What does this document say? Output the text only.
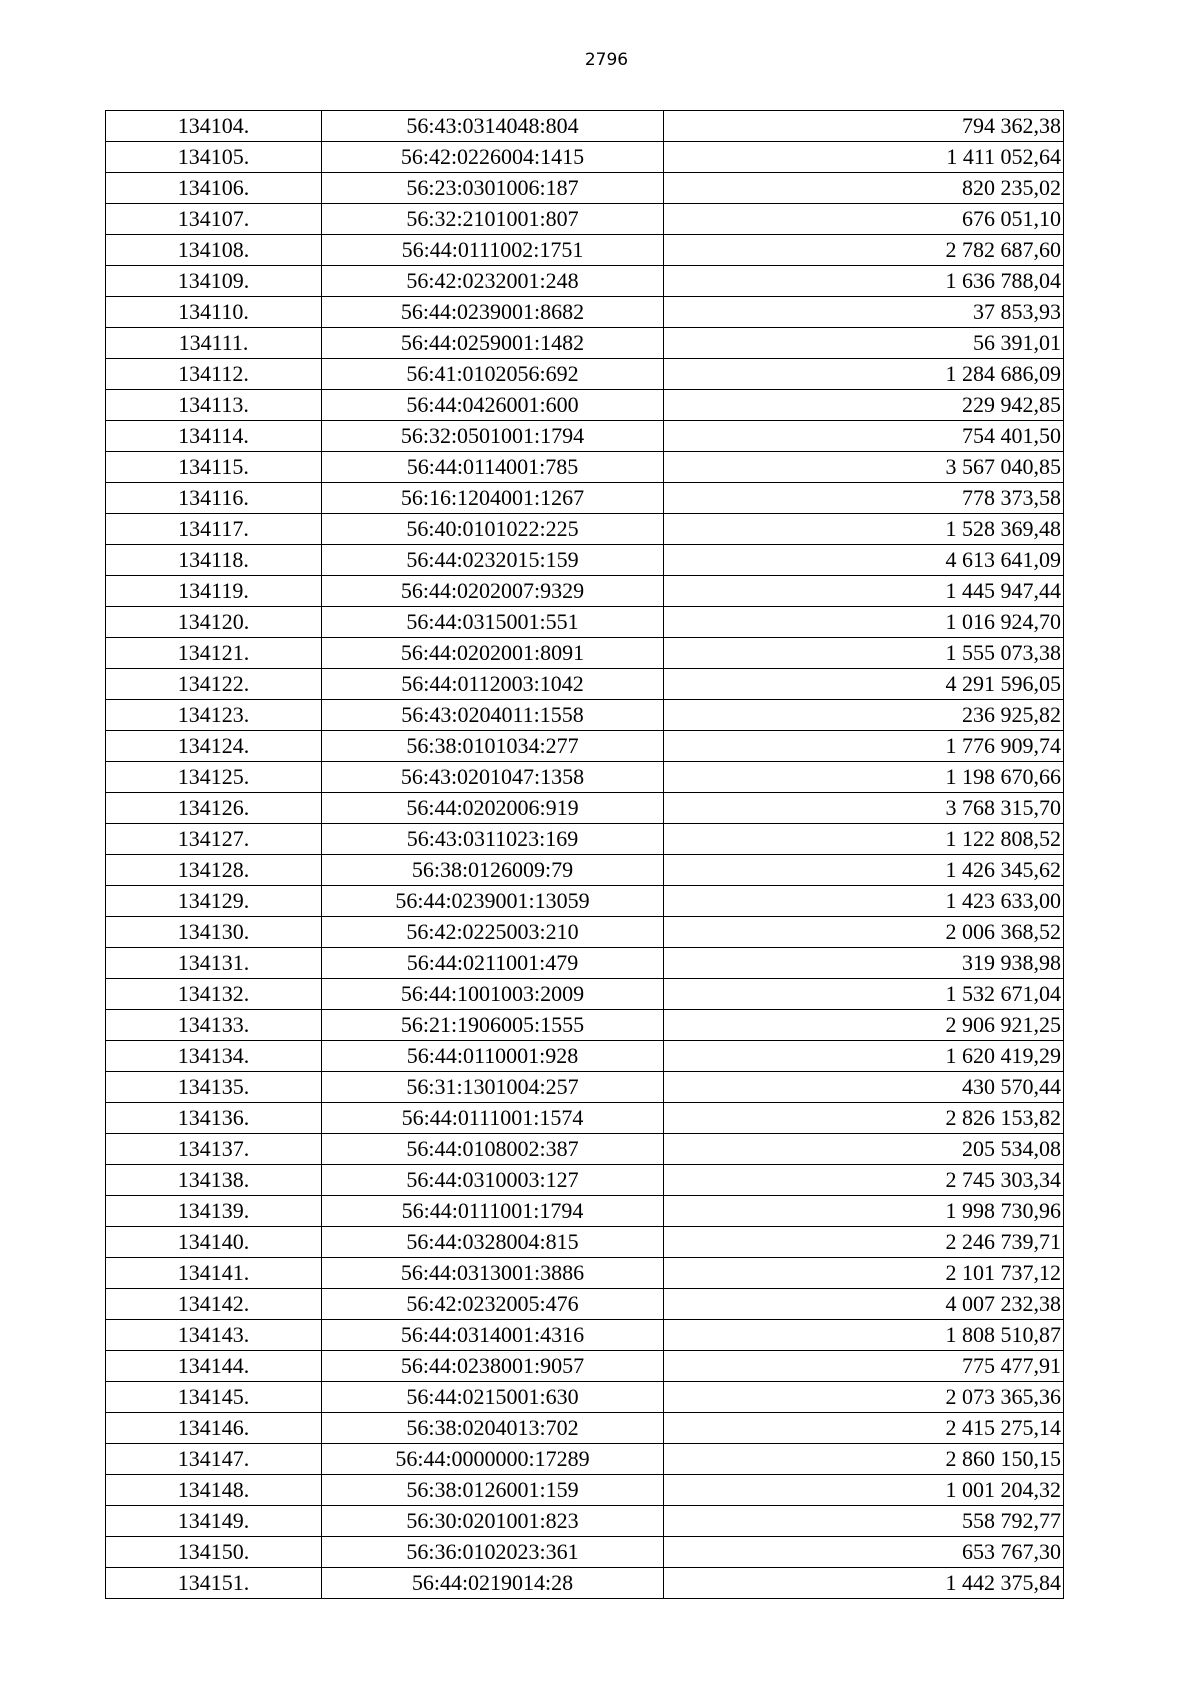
2796
134104.	56:43:0314048:804	794 362,38
134105.	56:42:0226004:1415	1 411 052,64
134106.	56:23:0301006:187	820 235,02
134107.	56:32:2101001:807	676 051,10
134108.	56:44:0111002:1751	2 782 687,60
134109.	56:42:0232001:248	1 636 788,04
134110.	56:44:0239001:8682	37 853,93
134111.	56:44:0259001:1482	56 391,01
134112.	56:41:0102056:692	1 284 686,09
134113.	56:44:0426001:600	229 942,85
134114.	56:32:0501001:1794	754 401,50
134115.	56:44:0114001:785	3 567 040,85
134116.	56:16:1204001:1267	778 373,58
134117.	56:40:0101022:225	1 528 369,48
134118.	56:44:0232015:159	4 613 641,09
134119.	56:44:0202007:9329	1 445 947,44
134120.	56:44:0315001:551	1 016 924,70
134121.	56:44:0202001:8091	1 555 073,38
134122.	56:44:0112003:1042	4 291 596,05
134123.	56:43:0204011:1558	236 925,82
134124.	56:38:0101034:277	1 776 909,74
134125.	56:43:0201047:1358	1 198 670,66
134126.	56:44:0202006:919	3 768 315,70
134127.	56:43:0311023:169	1 122 808,52
134128.	56:38:0126009:79	1 426 345,62
134129.	56:44:0239001:13059	1 423 633,00
134130.	56:42:0225003:210	2 006 368,52
134131.	56:44:0211001:479	319 938,98
134132.	56:44:1001003:2009	1 532 671,04
134133.	56:21:1906005:1555	2 906 921,25
134134.	56:44:0110001:928	1 620 419,29
134135.	56:31:1301004:257	430 570,44
134136.	56:44:0111001:1574	2 826 153,82
134137.	56:44:0108002:387	205 534,08
134138.	56:44:0310003:127	2 745 303,34
134139.	56:44:0111001:1794	1 998 730,96
134140.	56:44:0328004:815	2 246 739,71
134141.	56:44:0313001:3886	2 101 737,12
134142.	56:42:0232005:476	4 007 232,38
134143.	56:44:0314001:4316	1 808 510,87
134144.	56:44:0238001:9057	775 477,91
134145.	56:44:0215001:630	2 073 365,36
134146.	56:38:0204013:702	2 415 275,14
134147.	56:44:0000000:17289	2 860 150,15
134148.	56:38:0126001:159	1 001 204,32
134149.	56:30:0201001:823	558 792,77
134150.	56:36:0102023:361	653 767,30
134151.	56:44:0219014:28	1 442 375,84
